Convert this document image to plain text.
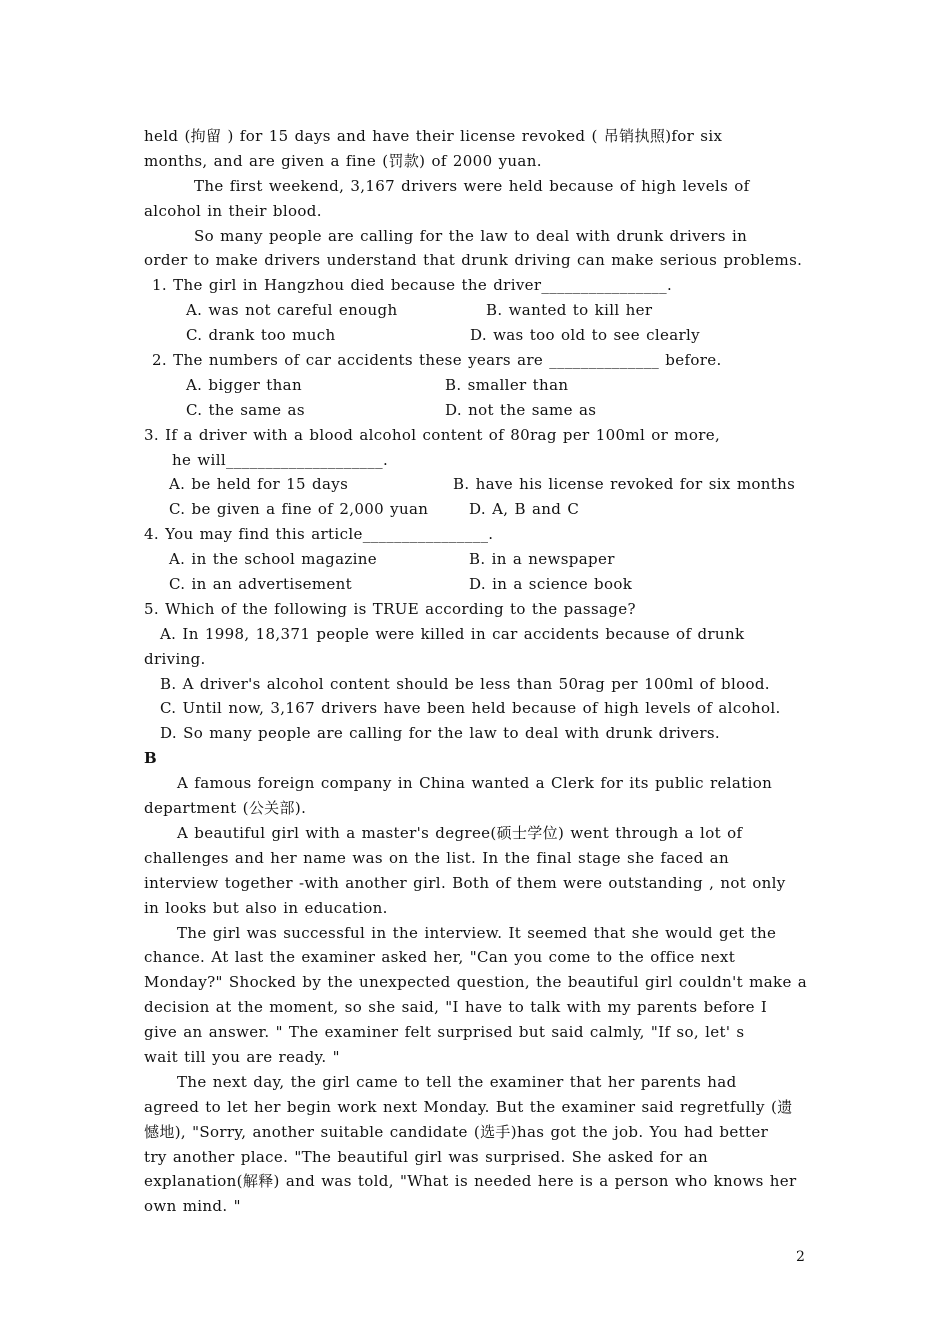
held (拘留 ) for 15 days and have their license revoked ( 吊销执照)for six
months, and are given a fine (罚款) of 2000 yuan.
The first weekend, 3,167 drivers were held because of high levels of
alcohol in their blood.
So many people are calling for the law to deal with drunk drivers in
order to make drivers understand that drunk driving can make serious problems.
1. The girl in Hangzhou died because the driver________________.
A. was not careful enough	B. wanted to kill her
C. drank too much	D. was too old to see clearly
2. The numbers of car accidents these years are ______________ before.
A. bigger than	B. smaller than
C. the same as	D. not the same as
3. If a driver with a blood alcohol content of 80rag per 100ml or more,
he will____________________.
A. be held for 15 days	B. have his license revoked for six months
C. be given a fine of 2,000 yuan	D. A, B and C
4. You may find this article________________.
A. in the school magazine	B. in a newspaper
C. in an advertisement	D. in a science book
5. Which of the following is TRUE according to the passage?
A. In 1998, 18,371 people were killed in car accidents because of drunk
driving.
B. A driver's alcohol content should be less than 50rag per 100ml of blood.
C. Until now, 3,167 drivers have been held because of high levels of alcohol.
D. So many people are calling for the law to deal with drunk drivers.
B
A famous foreign company in China wanted a Clerk for its public relation
department (公关部).
A beautiful girl with a master's degree(硕士学位) went through a lot of
challenges and her name was on the list. In the final stage she faced an
interview together -with another girl. Both of them were outstanding , not only
in looks but also in education.
The girl was successful in the interview. It seemed that she would get the
chance. At last the examiner asked her, "Can you come to the office next
Monday?" Shocked by the unexpected question, the beautiful girl couldn't make a
decision at the moment, so she said, "I have to talk with my parents before I
give an answer. " The examiner felt surprised but said calmly, "If so, let' s
wait till you are ready. "
The next day, the girl came to tell the examiner that her parents had
agreed to let her begin work next Monday. But the examiner said regretfully (遗
憾地), "Sorry, another suitable candidate (选手)has got the job. You had better
try another place. "The beautiful girl was surprised. She asked for an
explanation(解释) and was told, "What is needed here is a person who knows her
own mind. "
2
